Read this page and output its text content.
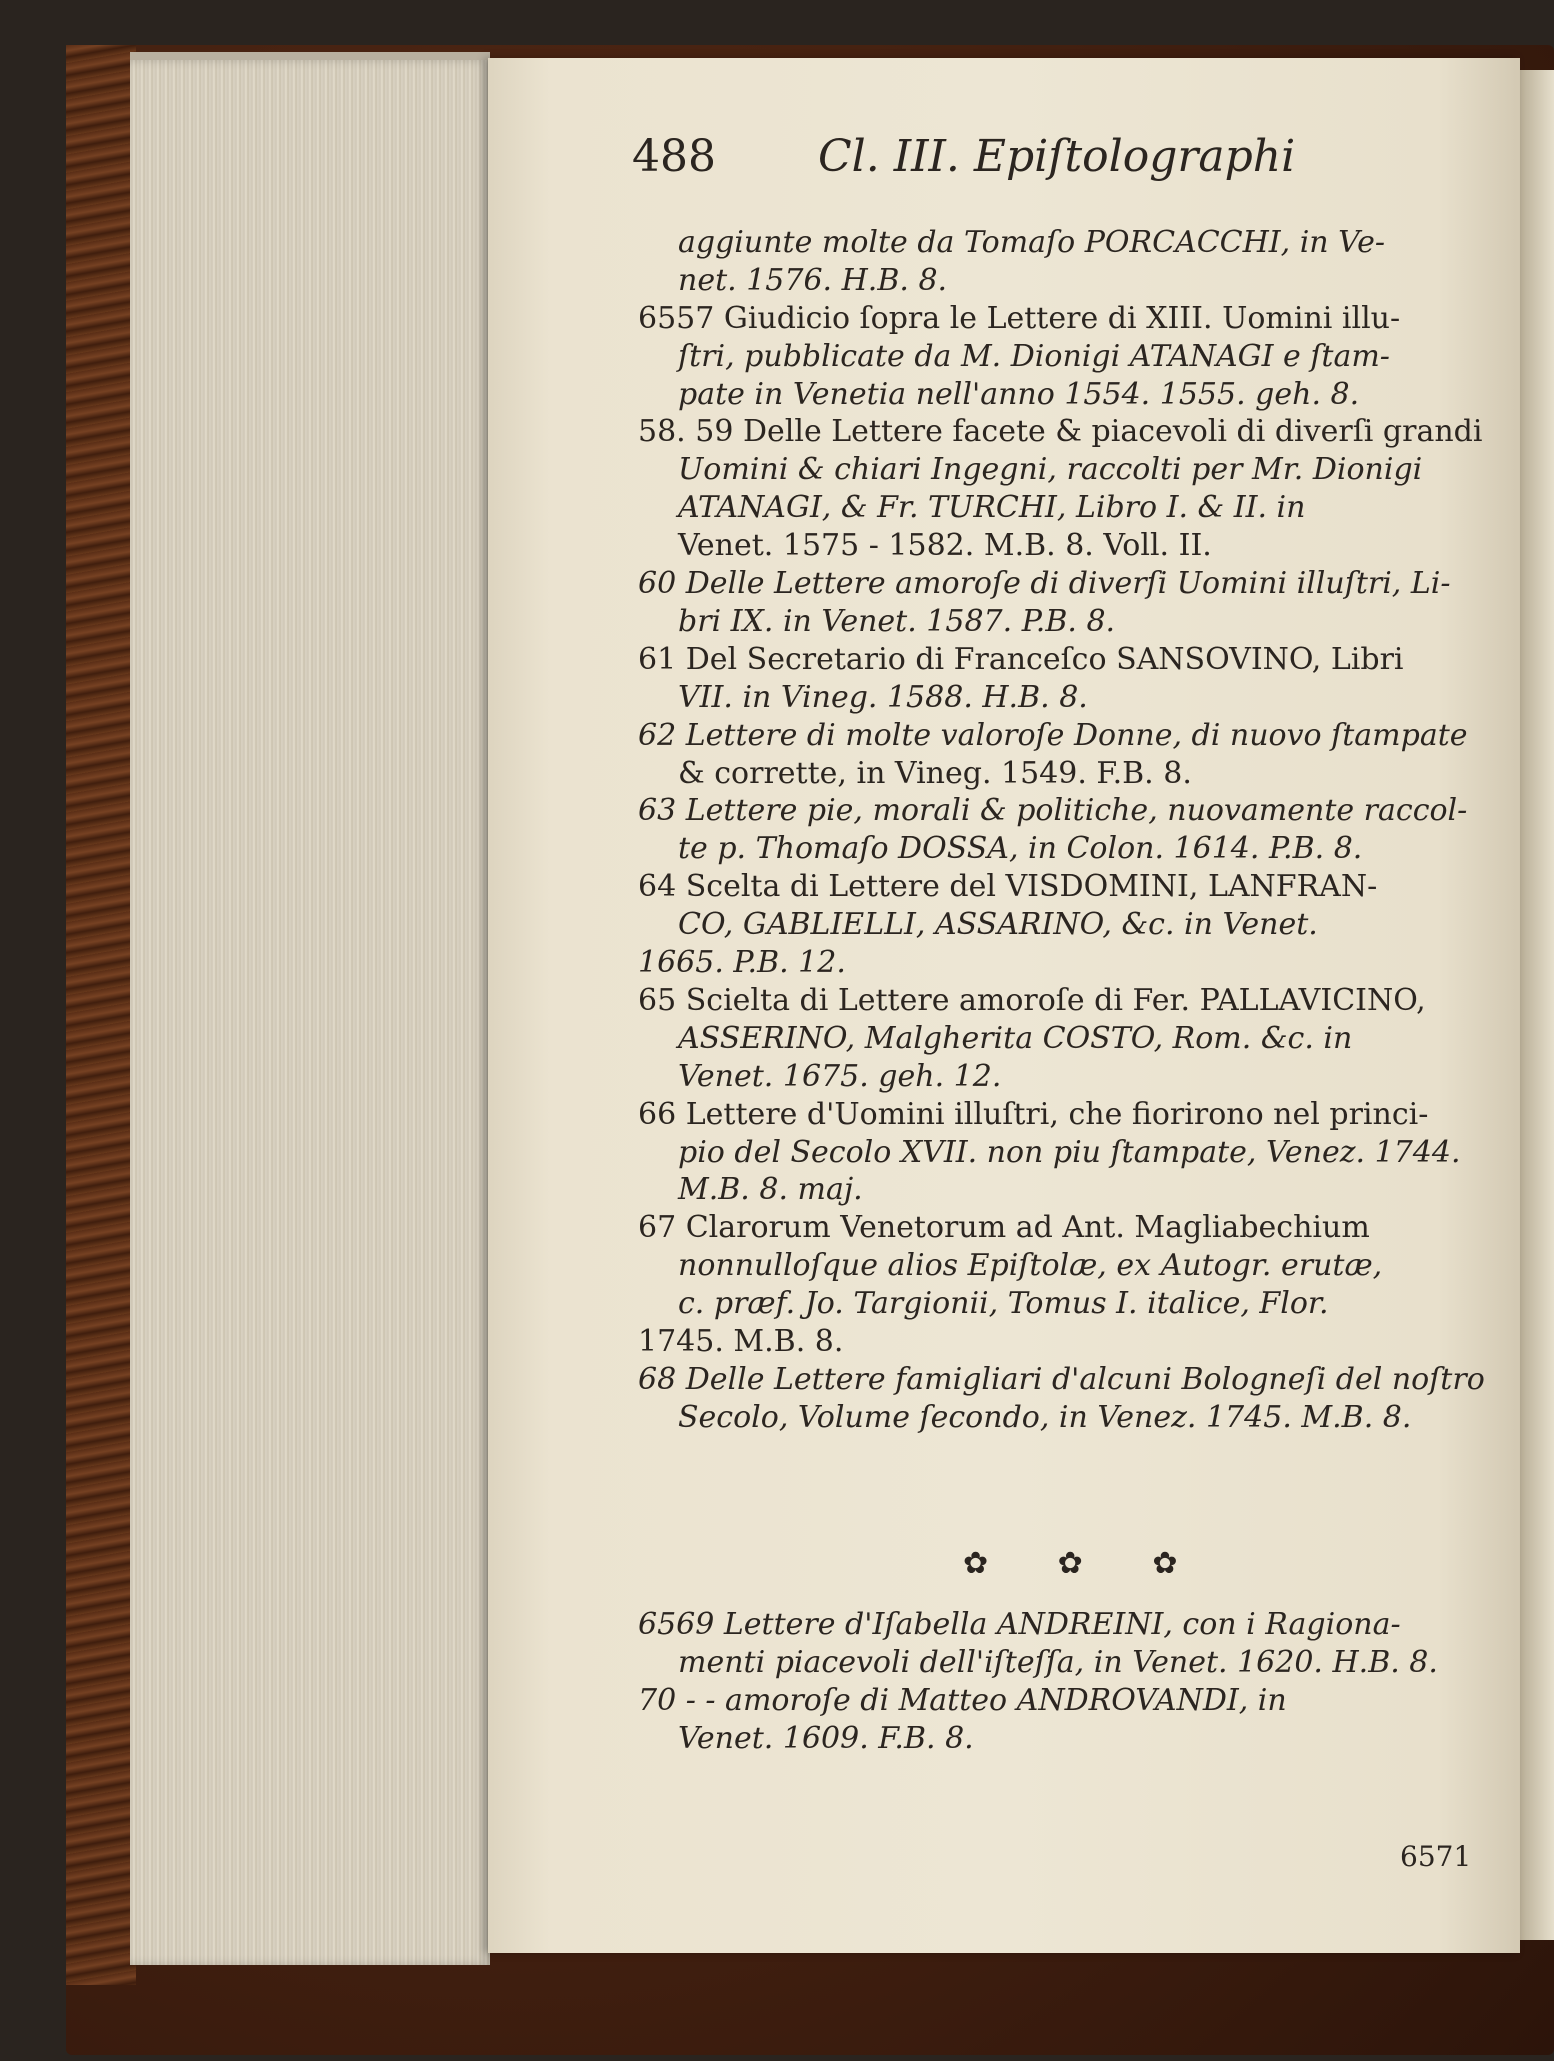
488 Cl. III. Epiſtolographi
aggiunte molte da Tomaſo PORCACCHI, in Ve-
net. 1576. H.B. 8.
6557 Giudicio ſopra le Lettere di XIII. Uomini illu-
ſtri, pubblicate da M. Dionigi ATANAGI e ſtam-
pate in Venetia nell'anno 1554. 1555. geh. 8.
58. 59 Delle Lettere facete & piacevoli di diverſi grandi
Uomini & chiari Ingegni, raccolti per Mr. Dionigi
ATANAGI, & Fr. TURCHI, Libro I. & II. in
Venet. 1575 - 1582. M.B. 8. Voll. II.
60 Delle Lettere amoroſe di diverſi Uomini illuſtri, Li-
bri IX. in Venet. 1587. P.B. 8.
61 Del Secretario di Franceſco SANSOVINO, Libri
VII. in Vineg. 1588. H.B. 8.
62 Lettere di molte valoroſe Donne, di nuovo ſtampate
& corrette, in Vineg. 1549. F.B. 8.
63 Lettere pie, morali & politiche, nuovamente raccol-
te p. Thomaſo DOSSA, in Colon. 1614. P.B. 8.
64 Scelta di Lettere del VISDOMINI, LANFRAN-
CO, GABLIELLI, ASSARINO, &c. in Venet.
1665. P.B. 12.
65 Scielta di Lettere amoroſe di Fer. PALLAVICINO,
ASSERINO, Malgherita COSTO, Rom. &c. in
Venet. 1675. geh. 12.
66 Lettere d'Uomini illuſtri, che fiorirono nel princi-
pio del Secolo XVII. non piu ſtampate, Venez. 1744.
M.B. 8. maj.
67 Clarorum Venetorum ad Ant. Magliabechium
nonnulloſque alios Epiſtolæ, ex Autogr. erutæ,
c. præf. Jo. Targionii, Tomus I. italice, Flor.
1745. M.B. 8.
68 Delle Lettere famigliari d'alcuni Bologneſi del noſtro
Secolo, Volume ſecondo, in Venez. 1745. M.B. 8.
✿ ✿ ✿
6569 Lettere d'Iſabella ANDREINI, con i Ragiona-
menti piacevoli dell'iſteſſa, in Venet. 1620. H.B. 8.
70 - - amoroſe di Matteo ANDROVANDI, in
Venet. 1609. F.B. 8.
6571
